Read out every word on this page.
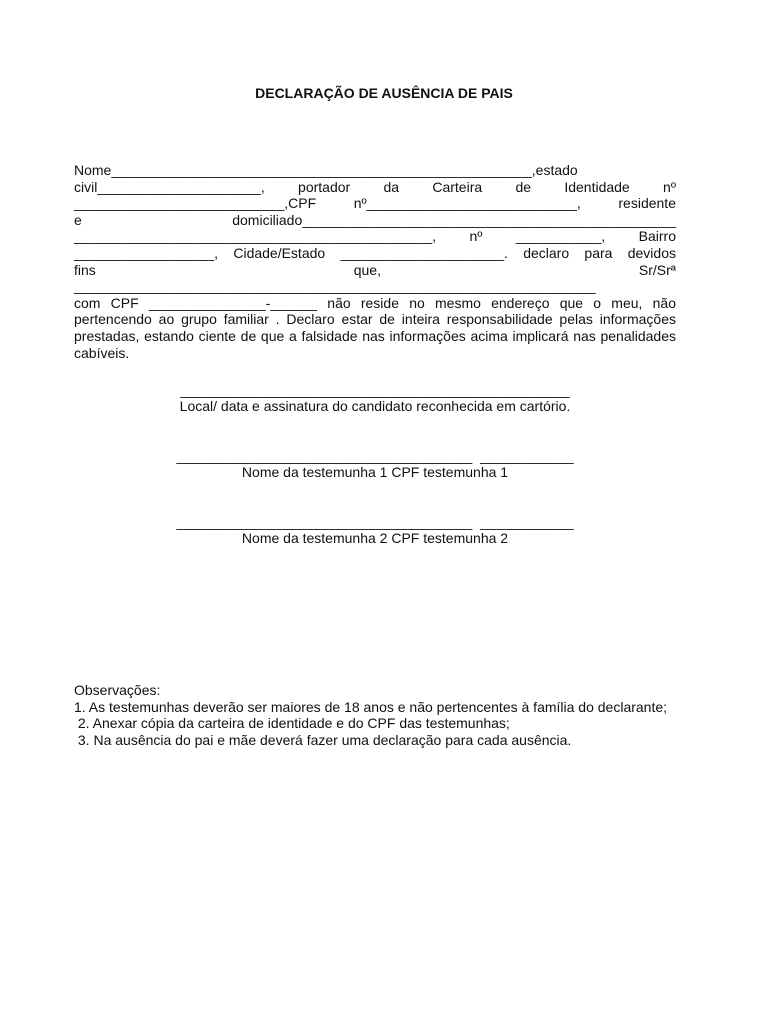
DECLARAÇÃO DE AUSÊNCIA DE PAIS
Nome______________________________________________________,estado
civil_____________________, portador da Carteira de Identidade nº
___________________________,CPF	nº___________________________,	residente
e	domiciliado________________________________________________
______________________________________________, nº ___________, Bairro
__________________, Cidade/Estado _____________________. declaro para devidos
fins	que,	Sr/Srª
___________________________________________________________________
com CPF _______________-______ não reside no mesmo endereço que o meu, não pertencendo ao grupo familiar . Declaro estar de inteira responsabilidade pelas informações prestadas, estando ciente de que a falsidade nas informações acima implicará nas penalidades cabíveis.
__________________________________________________
Local/ data e assinatura do candidato reconhecida em cartório.
______________________________________  ____________
Nome da testemunha 1 CPF testemunha 1
______________________________________  ____________
Nome da testemunha 2 CPF testemunha 2
Observações:
1. As testemunhas deverão ser maiores de 18 anos e não pertencentes à família do declarante;
2. Anexar cópia da carteira de identidade e do CPF das testemunhas;
3. Na ausência do pai e mãe deverá fazer uma declaração para cada ausência.
